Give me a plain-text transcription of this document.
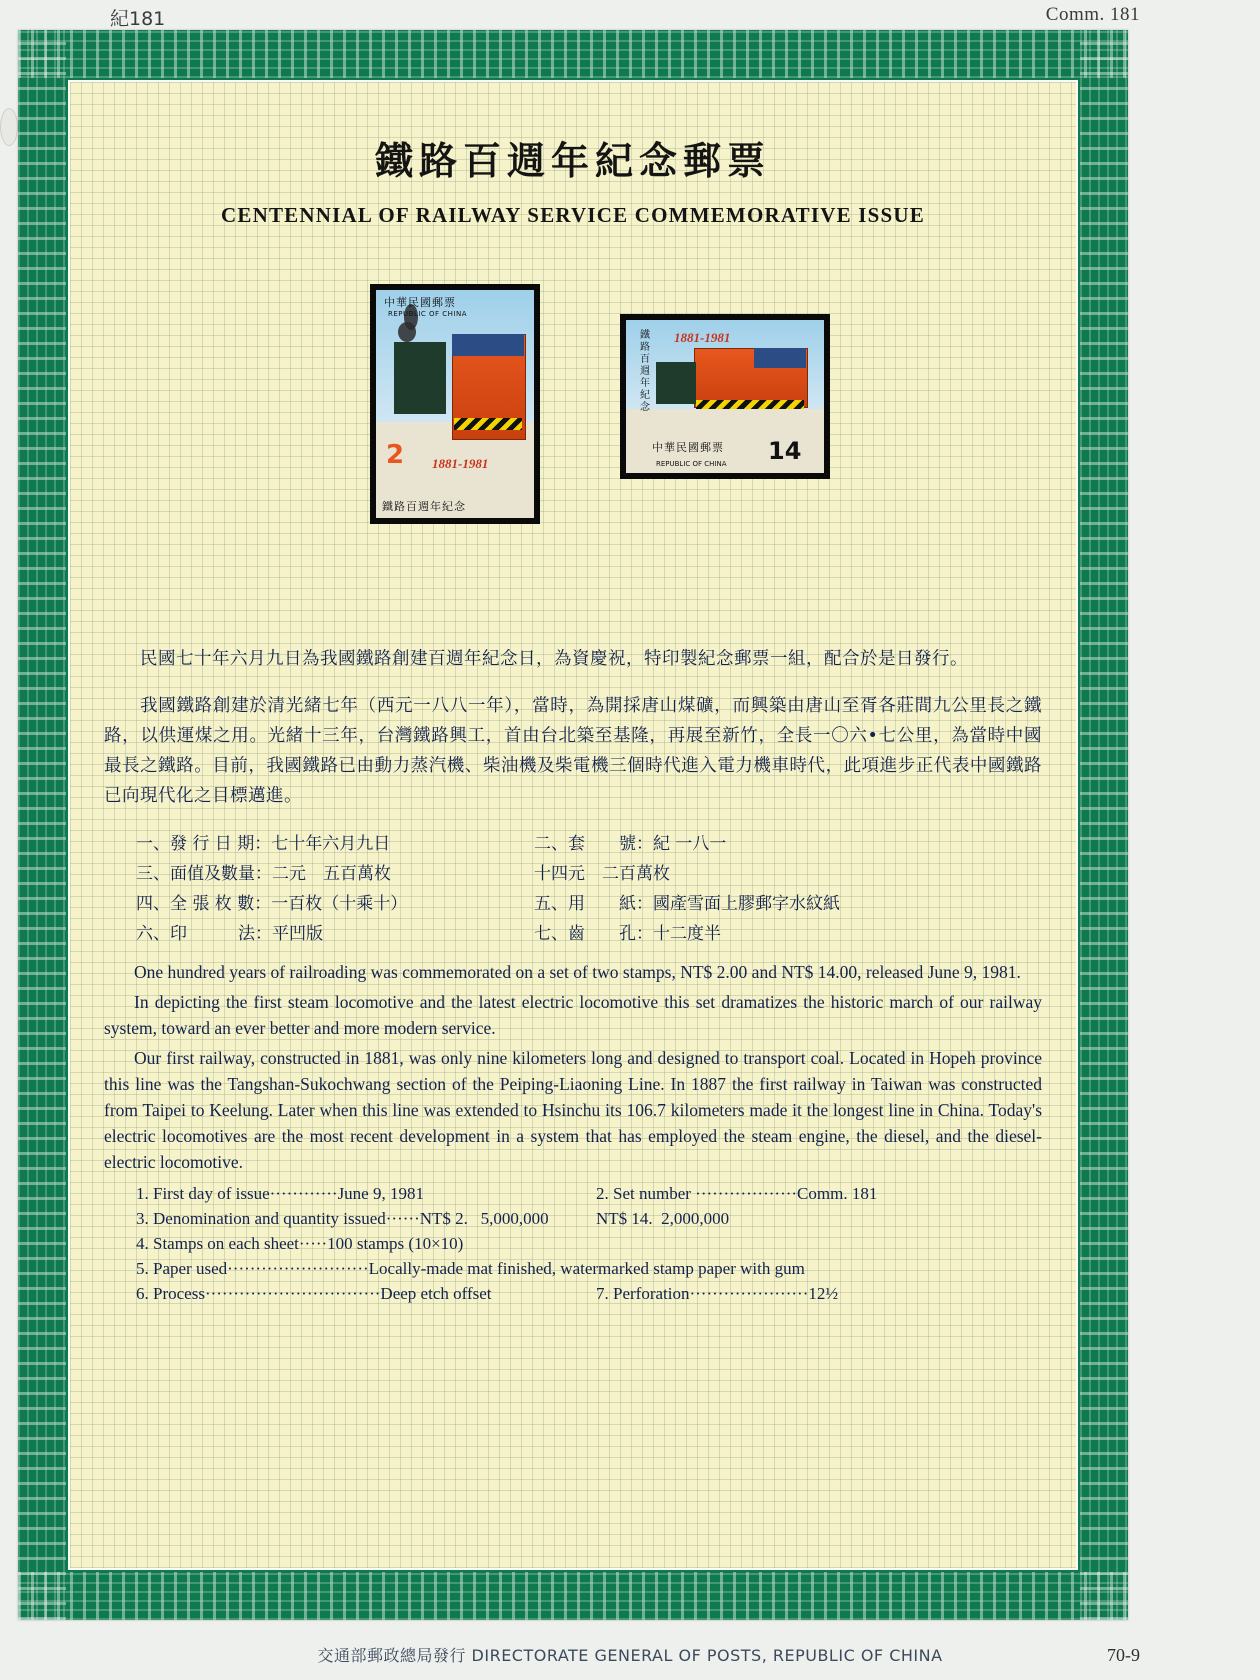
紀181	Comm. 181
鐵路百週年紀念郵票
CENTENNIAL OF RAILWAY SERVICE COMMEMORATIVE ISSUE
2 1881-1981
中華民國郵票
REPUBLIC OF CHINA
鐵路百週年紀念
1881-1981
鐵路百週年紀念
14
中華民國郵票
REPUBLIC OF CHINA

民國七十年六月九日為我國鐵路創建百週年紀念日，為資慶祝，特印製紀念郵票一組，配合於是日發行。

我國鐵路創建於清光緒七年（西元一八八一年），當時，為開採唐山煤礦，而興築由唐山至胥各莊間九公里長之鐵路，以供運煤之用。光緒十三年，台灣鐵路興工，首由台北築至基隆，再展至新竹，全長一〇六•七公里，為當時中國最長之鐵路。目前，我國鐵路已由動力蒸汽機、柴油機及柴電機三個時代進入電力機車時代，此項進步正代表中國鐵路已向現代化之目標邁進。

一、發 行 日 期：七十年六月九日	二、套　　號：紀 一八一
三、面值及數量：二元　五百萬枚	十四元　二百萬枚
四、全 張 枚 數：一百枚（十乘十）	五、用　　紙：國產雪面上膠郵字水紋紙
六、印　　　法：平凹版	七、齒　　孔：十二度半

One hundred years of railroading was commemorated on a set of two stamps, NT$ 2.00 and NT$ 14.00, released June 9, 1981.

In depicting the first steam locomotive and the latest electric locomotive this set dramatizes the historic march of our railway system, toward an ever better and more modern service.

Our first railway, constructed in 1881, was only nine kilometers long and designed to transport coal. Located in Hopeh province this line was the Tangshan-Sukochwang section of the Peiping-Liaoning Line. In 1887 the first railway in Taiwan was constructed from Taipei to Keelung. Later when this line was extended to Hsinchu its 106.7 kilometers made it the longest line in China. Today's electric locomotives are the most recent development in a system that has employed the steam engine, the diesel, and the diesel-electric locomotive.

1. First day of issue············June 9, 1981	2. Set number ··················Comm. 181
3. Denomination and quantity issued······NT$ 2.   5,000,000	NT$ 14.  2,000,000
4. Stamps on each sheet·····100 stamps (10×10)
5. Paper used·························Locally-made mat finished, watermarked stamp paper with gum
6. Process·······························Deep etch offset	7. Perforation·····················12½
交通部郵政總局發行 DIRECTORATE GENERAL OF POSTS, REPUBLIC OF CHINA	70-9
